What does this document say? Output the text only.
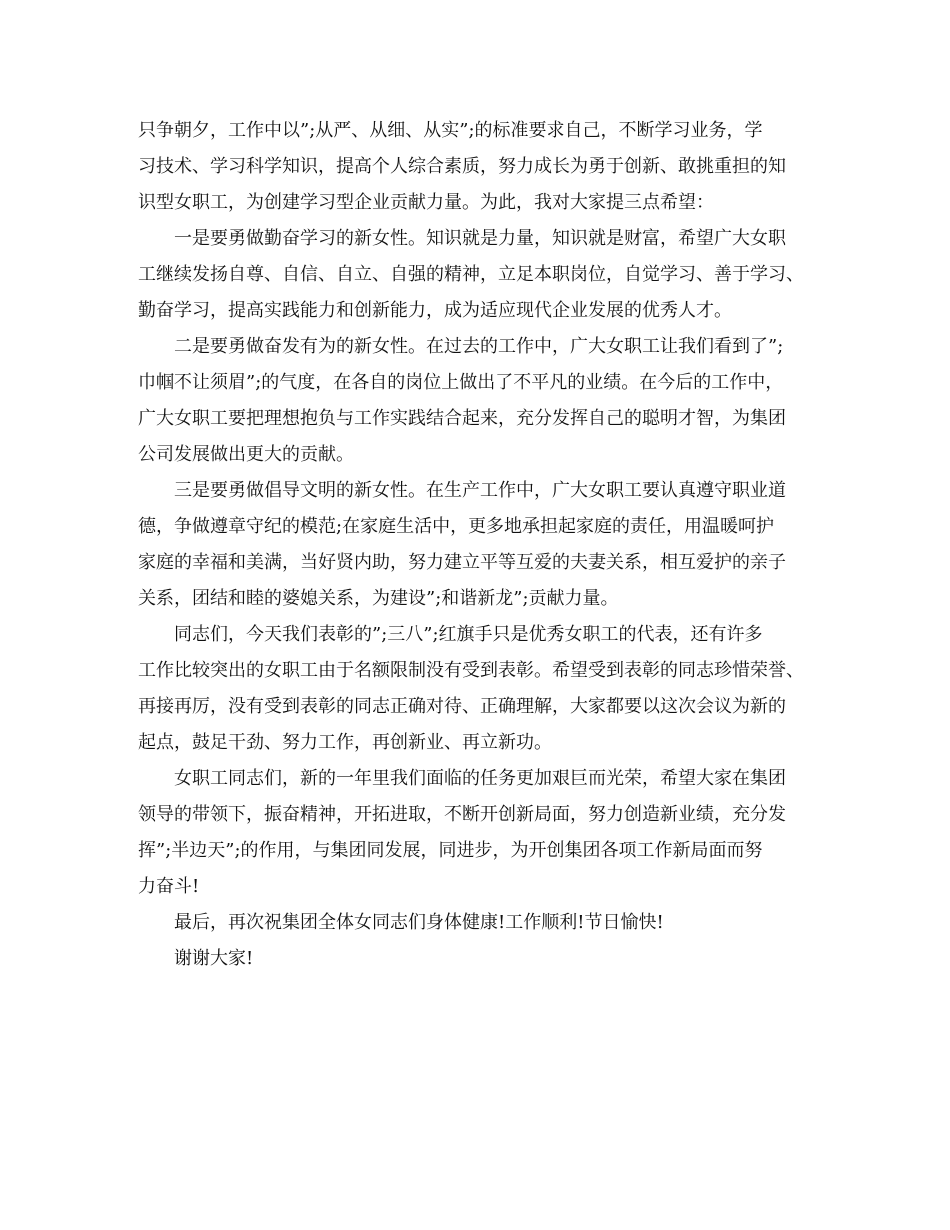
只争朝夕，工作中以”;从严、从细、从实”;的标准要求自己，不断学习业务，学
习技术、学习科学知识，提高个人综合素质，努力成长为勇于创新、敢挑重担的知
识型女职工，为创建学习型企业贡献力量。为此，我对大家提三点希望：
一是要勇做勤奋学习的新女性。知识就是力量，知识就是财富，希望广大女职
工继续发扬自尊、自信、自立、自强的精神，立足本职岗位，自觉学习、善于学习、
勤奋学习，提高实践能力和创新能力，成为适应现代企业发展的优秀人才。
二是要勇做奋发有为的新女性。在过去的工作中，广大女职工让我们看到了”;
巾帼不让须眉”;的气度，在各自的岗位上做出了不平凡的业绩。在今后的工作中，
广大女职工要把理想抱负与工作实践结合起来，充分发挥自己的聪明才智，为集团
公司发展做出更大的贡献。
三是要勇做倡导文明的新女性。在生产工作中，广大女职工要认真遵守职业道
德，争做遵章守纪的模范;在家庭生活中，更多地承担起家庭的责任，用温暖呵护
家庭的幸福和美满，当好贤内助，努力建立平等互爱的夫妻关系，相互爱护的亲子
关系，团结和睦的婆媳关系，为建设”;和谐新龙”;贡献力量。
同志们，今天我们表彰的”;三八”;红旗手只是优秀女职工的代表，还有许多
工作比较突出的女职工由于名额限制没有受到表彰。希望受到表彰的同志珍惜荣誉、
再接再厉，没有受到表彰的同志正确对待、正确理解，大家都要以这次会议为新的
起点，鼓足干劲、努力工作，再创新业、再立新功。
女职工同志们，新的一年里我们面临的任务更加艰巨而光荣，希望大家在集团
领导的带领下，振奋精神，开拓进取，不断开创新局面，努力创造新业绩，充分发
挥”;半边天”;的作用，与集团同发展，同进步，为开创集团各项工作新局面而努
力奋斗!
最后，再次祝集团全体女同志们身体健康!工作顺利!节日愉快!
谢谢大家!
